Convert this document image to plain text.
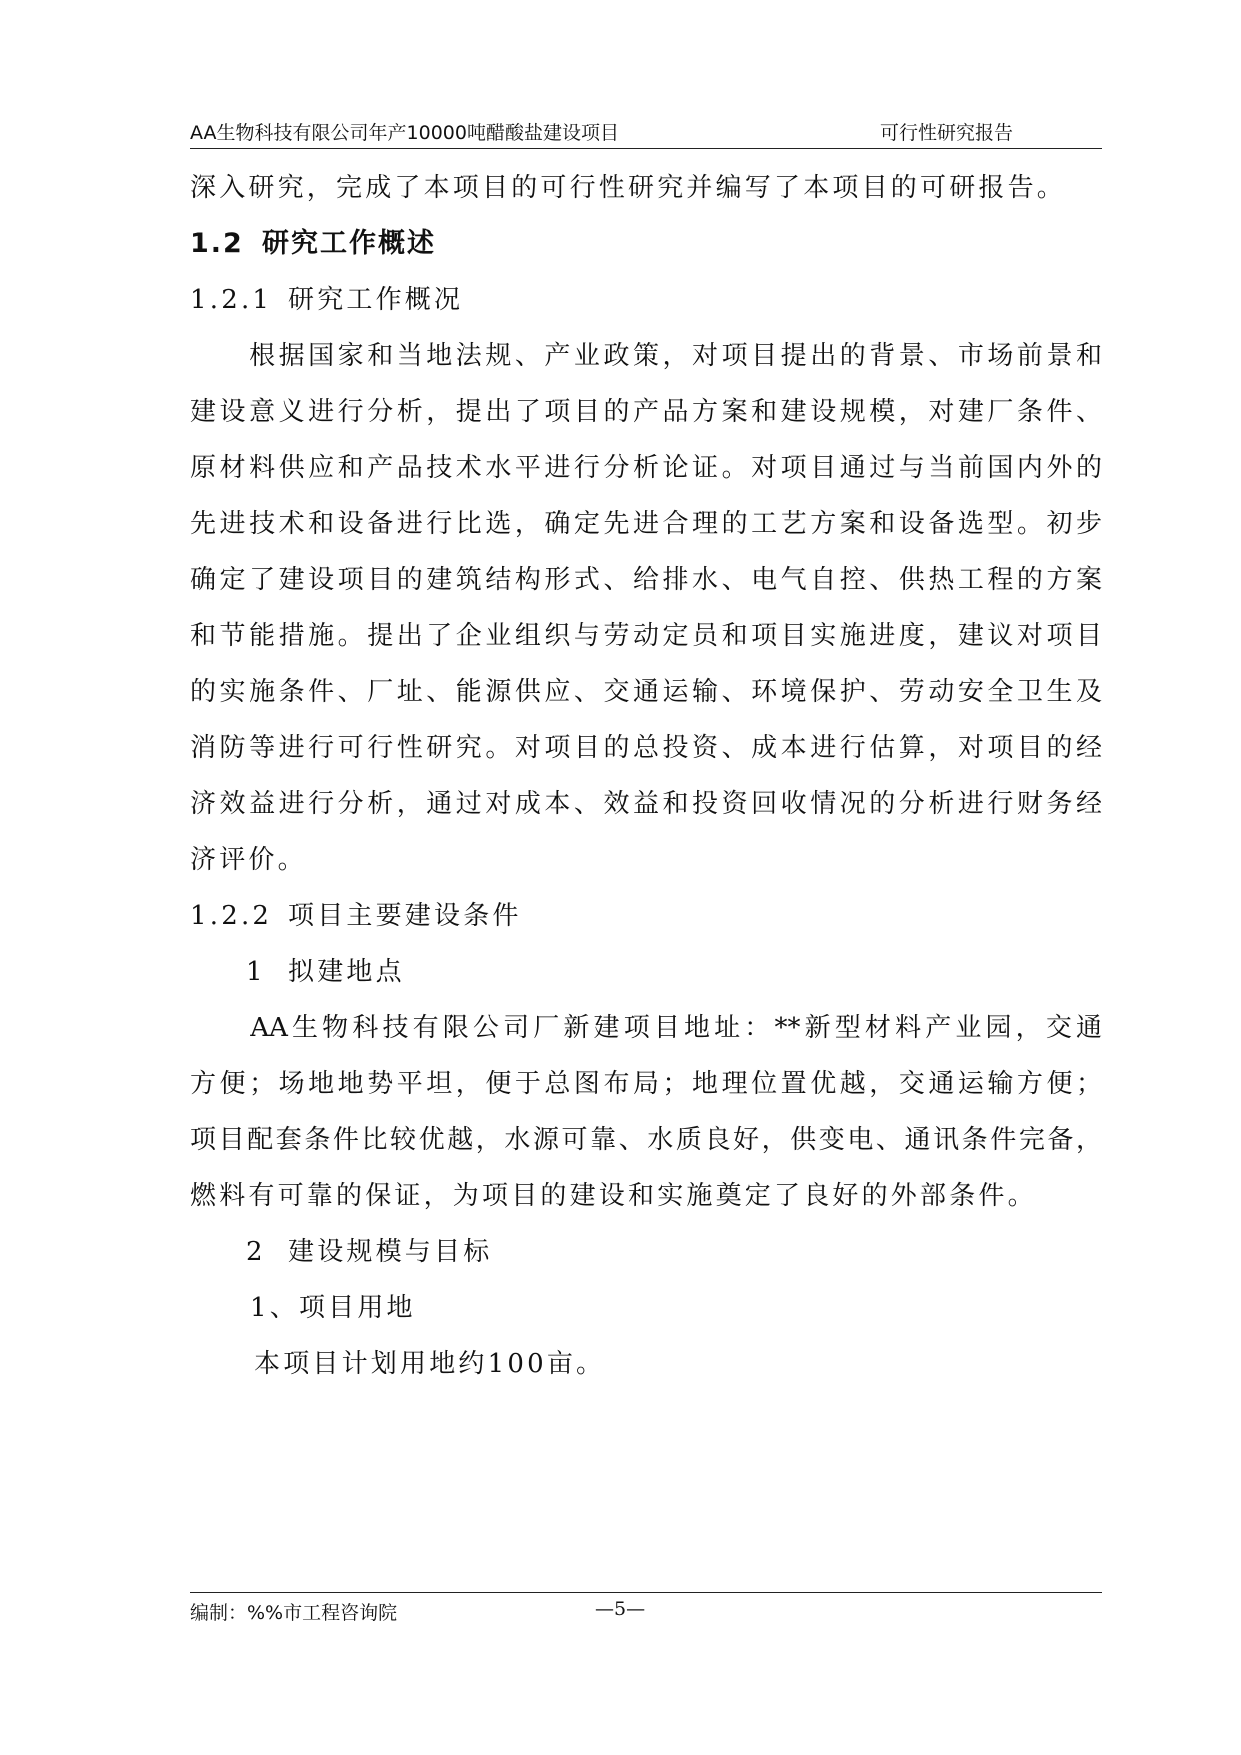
AA生物科技有限公司年产10000吨醋酸盐建设项目	可行性研究报告
深入研究，完成了本项目的可行性研究并编写了本项目的可研报告。
1.2 研究工作概述
1.2.1 研究工作概况
　　根据国家和当地法规、产业政策，对项目提出的背景、市场前景和
建设意义进行分析，提出了项目的产品方案和建设规模，对建厂条件、
原材料供应和产品技术水平进行分析论证。对项目通过与当前国内外的
先进技术和设备进行比选，确定先进合理的工艺方案和设备选型。初步
确定了建设项目的建筑结构形式、给排水、电气自控、供热工程的方案
和节能措施。提出了企业组织与劳动定员和项目实施进度，建议对项目
的实施条件、厂址、能源供应、交通运输、环境保护、劳动安全卫生及
消防等进行可行性研究。对项目的总投资、成本进行估算，对项目的经
济效益进行分析，通过对成本、效益和投资回收情况的分析进行财务经
济评价。
1.2.2 项目主要建设条件
1 拟建地点
　　AA生物科技有限公司厂新建项目地址：**新型材料产业园，交通
方便；场地地势平坦，便于总图布局；地理位置优越，交通运输方便；
项目配套条件比较优越，水源可靠、水质良好，供变电、通讯条件完备，
燃料有可靠的保证，为项目的建设和实施奠定了良好的外部条件。
2 建设规模与目标
1、项目用地
本项目计划用地约100亩。
编制：%%市工程咨询院	—5—
